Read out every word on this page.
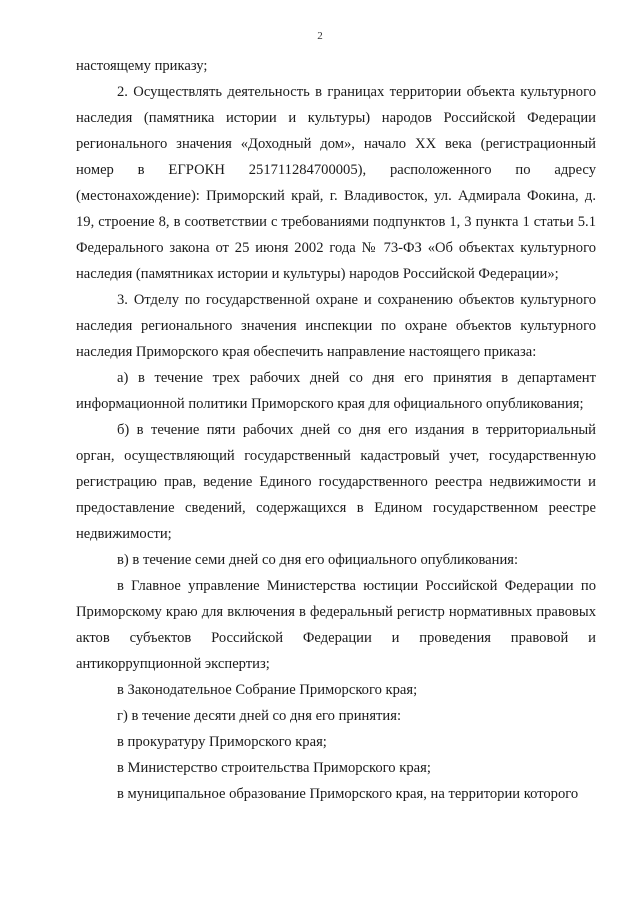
2

настоящему приказу;

2. Осуществлять деятельность в границах территории объекта культурного наследия (памятника истории и культуры) народов Российской Федерации регионального значения «Доходный дом», начало XX века (регистрационный номер в ЕГРОКН 251711284700005), расположенного по адресу (местонахождение): Приморский край, г. Владивосток, ул. Адмирала Фокина, д. 19, строение 8, в соответствии с требованиями подпунктов 1, 3 пункта 1 статьи 5.1 Федерального закона от 25 июня 2002 года № 73-ФЗ «Об объектах культурного наследия (памятниках истории и культуры) народов Российской Федерации»;

3. Отделу по государственной охране и сохранению объектов культурного наследия регионального значения инспекции по охране объектов культурного наследия Приморского края обеспечить направление настоящего приказа:

а) в течение трех рабочих дней со дня его принятия в департамент информационной политики Приморского края для официального опубликования;

б) в течение пяти рабочих дней со дня его издания в территориальный орган, осуществляющий государственный кадастровый учет, государственную регистрацию прав, ведение Единого государственного реестра недвижимости и предоставление сведений, содержащихся в Едином государственном реестре недвижимости;

в) в течение семи дней со дня его официального опубликования:

в Главное управление Министерства юстиции Российской Федерации по Приморскому краю для включения в федеральный регистр нормативных правовых актов субъектов Российской Федерации и проведения правовой и антикоррупционной экспертиз;

в Законодательное Собрание Приморского края;

г) в течение десяти дней со дня его принятия:

в прокуратуру Приморского края;

в Министерство строительства Приморского края;

в муниципальное образование Приморского края, на территории которого
